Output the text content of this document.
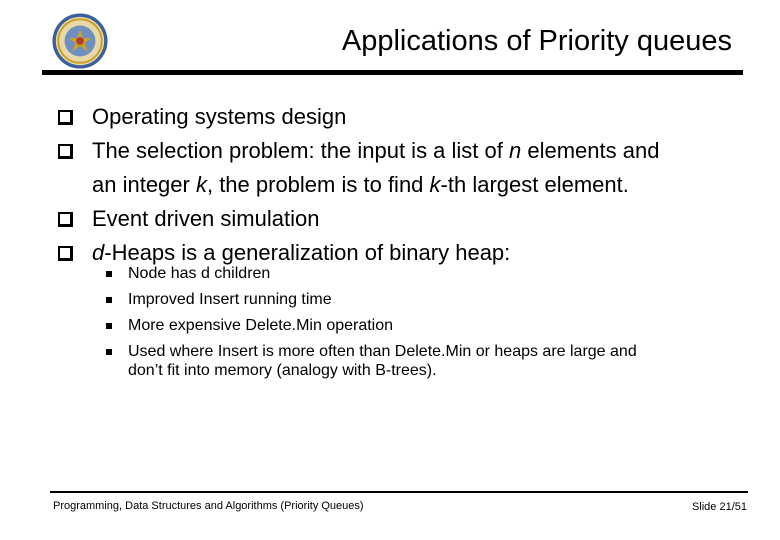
Applications of Priority queues
Operating systems design
The selection problem: the input is a list of n elements and
an integer k, the problem is to find k-th largest element.
Event driven simulation
d-Heaps is a generalization of binary heap:
Node has d children
Improved Insert running time
More expensive Delete.Min operation
Used where Insert is more often than Delete.Min or heaps are large and
don’t fit into memory (analogy with B-trees).
Programming, Data Structures and Algorithms (Priority Queues)	Slide 21/51
